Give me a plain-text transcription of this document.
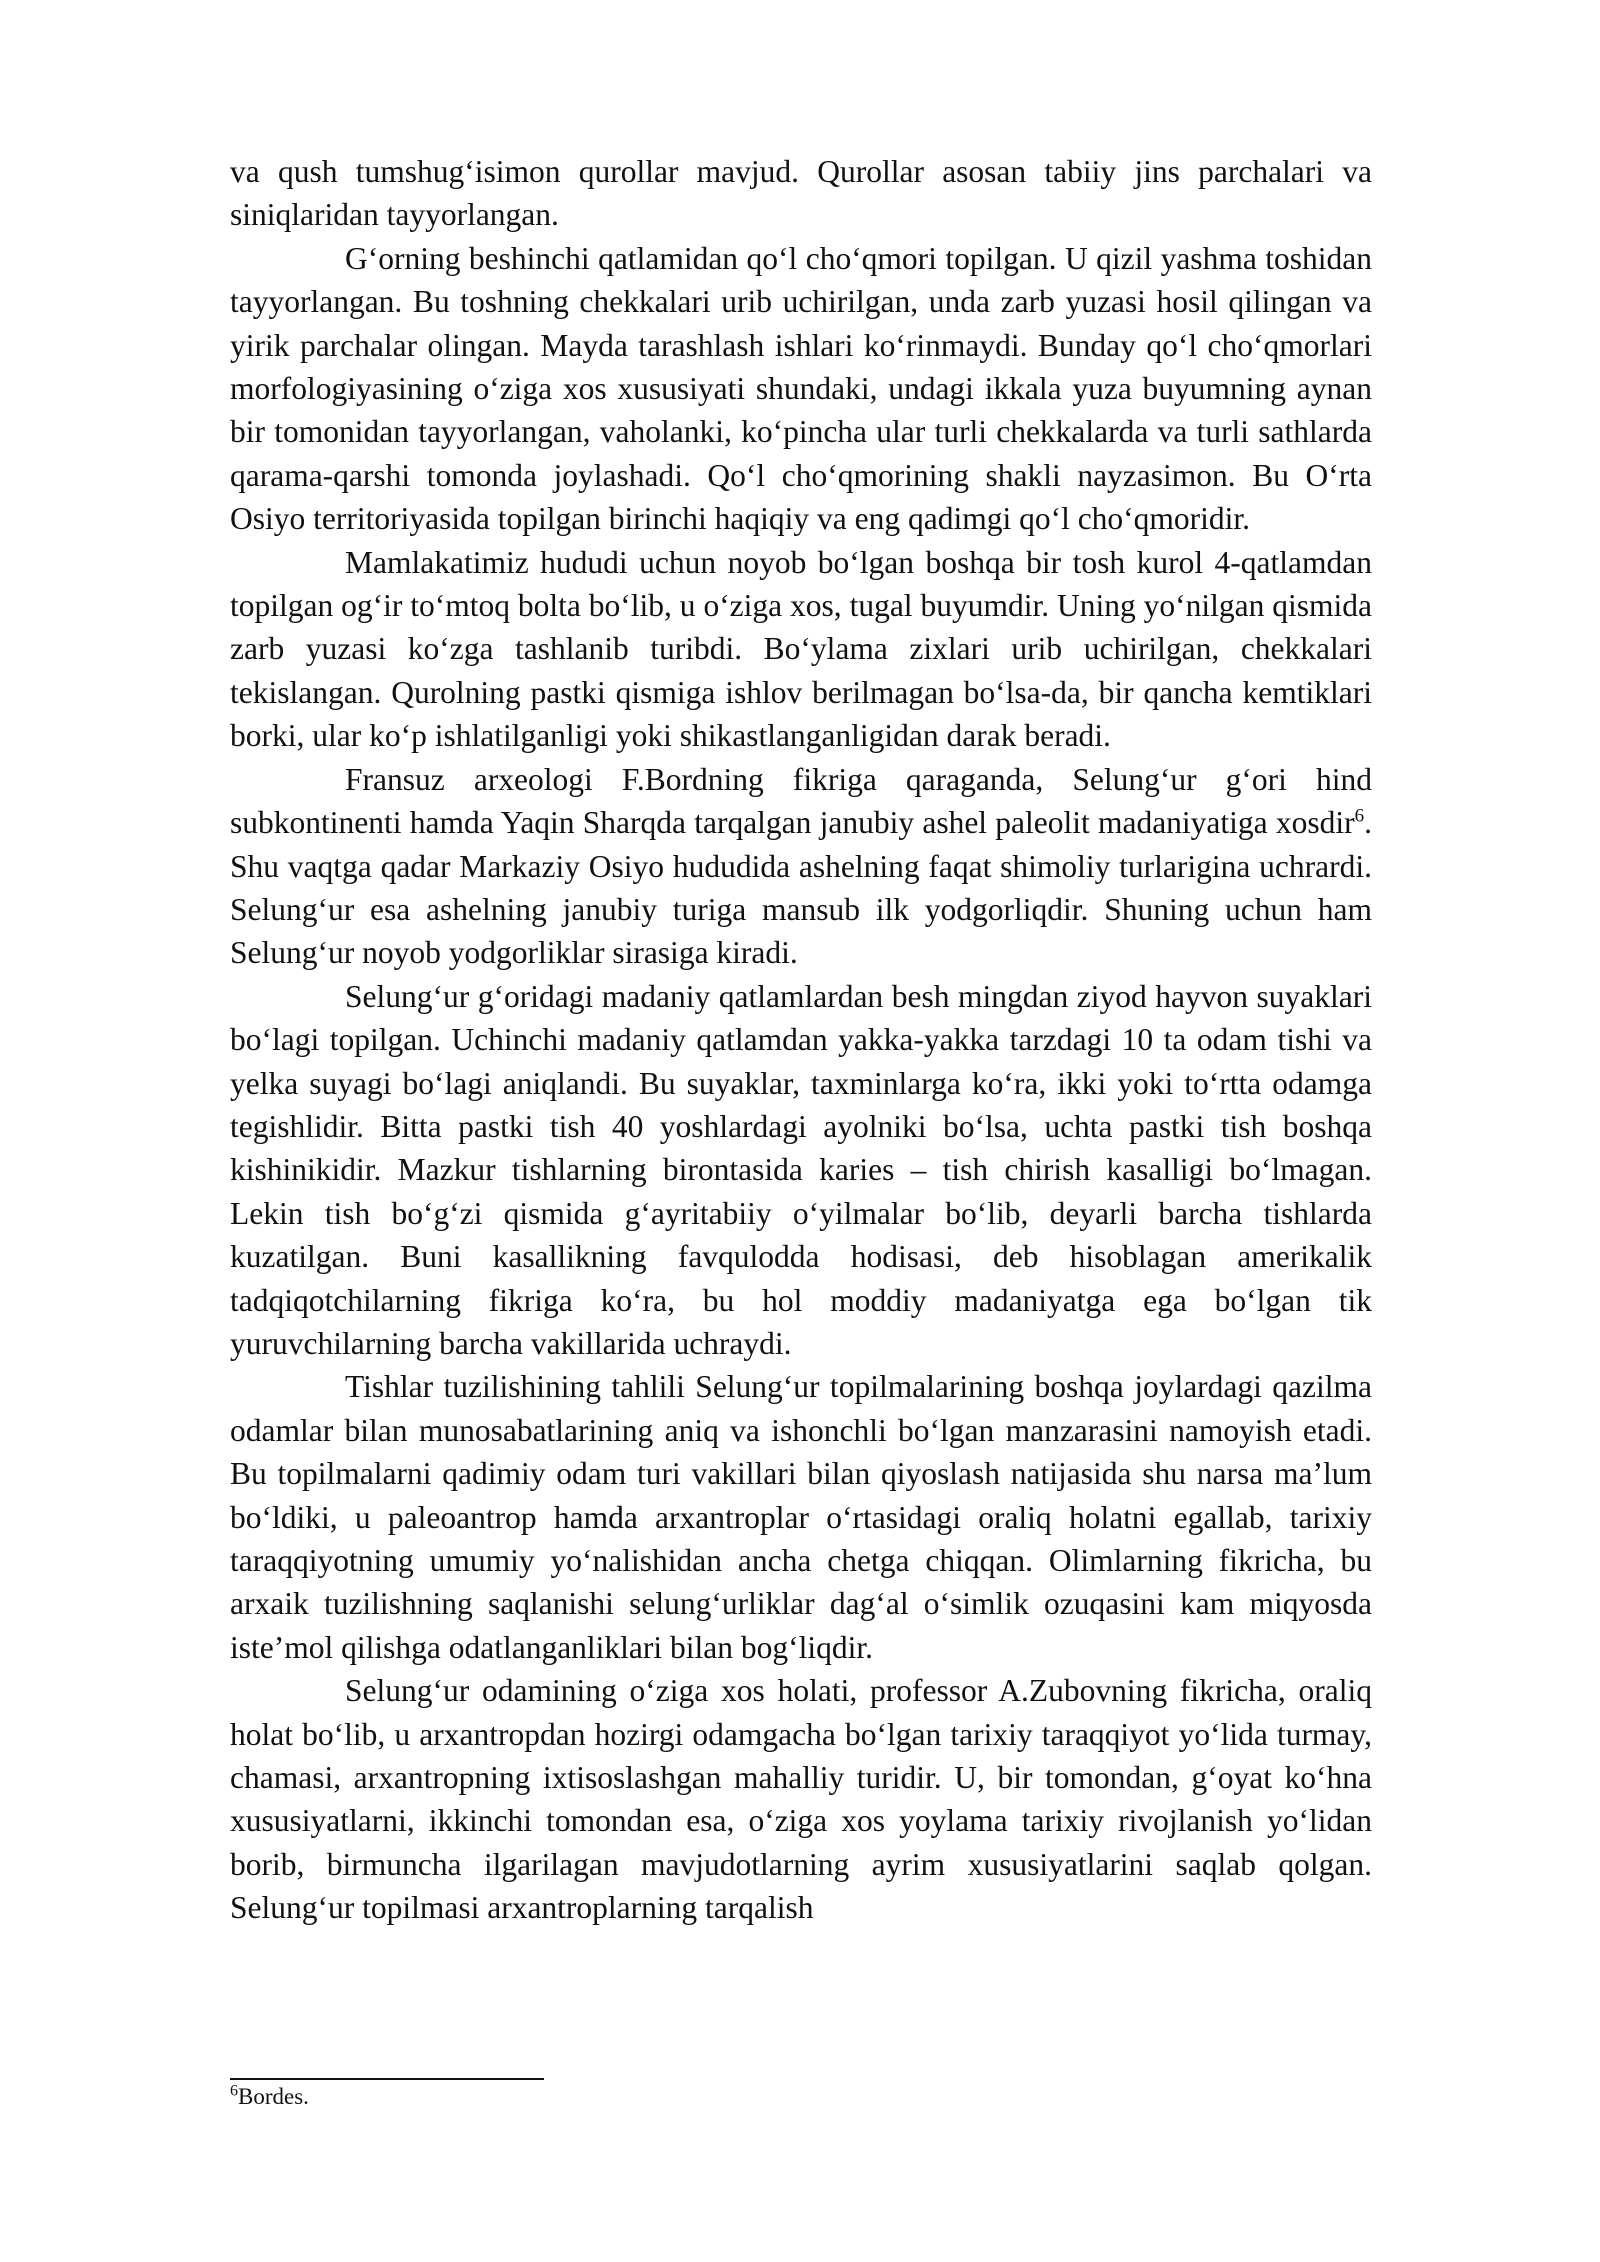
va qush tumshug‘isimon qurollar mavjud. Qurollar asosan tabiiy jins parchalari va siniqlaridan tayyorlangan.

G‘orning beshinchi qatlamidan qo‘l cho‘qmori topilgan. U qizil yashma toshidan tayyorlangan. Bu toshning chekkalari urib uchirilgan, unda zarb yuzasi hosil qilingan va yirik parchalar olingan. Mayda tarashlash ishlari ko‘rinmaydi. Bunday qo‘l cho‘qmorlari morfologiyasining o‘ziga xos xususiyati shundaki, undagi ikkala yuza buyumning aynan bir tomonidan tayyorlangan, vaholanki, ko‘pincha ular turli chekkalarda va turli sathlarda qarama-qarshi tomonda joylashadi. Qo‘l cho‘qmorining shakli nayzasimon. Bu O‘rta Osiyo territoriyasida topilgan birinchi haqiqiy va eng qadimgi qo‘l cho‘qmoridir.

Mamlakatimiz hududi uchun noyob bo‘lgan boshqa bir tosh kurol 4-qatlamdan topilgan og‘ir to‘mtoq bolta bo‘lib, u o‘ziga xos, tugal buyumdir. Uning yo‘nilgan qismida zarb yuzasi ko‘zga tashlanib turibdi. Bo‘ylama zixlari urib uchirilgan, chekkalari tekislangan. Qurolning pastki qismiga ishlov berilmagan bo‘lsa-da, bir qancha kemtiklari borki, ular ko‘p ishlatilganligi yoki shikastlanganligidan darak beradi.

Fransuz arxeologi F.Bordning fikriga qaraganda, Selung‘ur g‘ori hind subkontinenti hamda Yaqin Sharqda tarqalgan janubiy ashel paleolit madaniyatiga xosdir$^6$. Shu vaqtga qadar Markaziy Osiyo hududida ashelning faqat shimoliy turlarigina uchrardi. Selung‘ur esa ashelning janubiy turiga mansub ilk yodgorliqdir. Shuning uchun ham Selung‘ur noyob yodgorliklar sirasiga kiradi.

Selung‘ur g‘oridagi madaniy qatlamlardan besh mingdan ziyod hayvon suyaklari bo‘lagi topilgan. Uchinchi madaniy qatlamdan yakka-yakka tarzdagi 10 ta odam tishi va yelka suyagi bo‘lagi aniqlandi. Bu suyaklar, taxminlarga ko‘ra, ikki yoki to‘rtta odamga tegishlidir. Bitta pastki tish 40 yoshlardagi ayolniki bo‘lsa, uchta pastki tish boshqa kishinikidir. Mazkur tishlarning birontasida karies – tish chirish kasalligi bo‘lmagan. Lekin tish bo‘g‘zi qismida g‘ayritabiiy o‘yilmalar bo‘lib, deyarli barcha tishlarda kuzatilgan. Buni kasallikning favqulodda hodisasi, deb hisoblagan amerikalik tadqiqotchilarning fikriga ko‘ra, bu hol moddiy madaniyatga ega bo‘lgan tik yuruvchilarning barcha vakillarida uchraydi.

Tishlar tuzilishining tahlili Selung‘ur topilmalarining boshqa joylardagi qazilma odamlar bilan munosabatlarining aniq va ishonchli bo‘lgan manzarasini namoyish etadi. Bu topilmalarni qadimiy odam turi vakillari bilan qiyoslash natijasida shu narsa ma’lum bo‘ldiki, u paleoantrop hamda arxantroplar o‘rtasidagi oraliq holatni egallab, tarixiy taraqqiyotning umumiy yo‘nalishidan ancha chetga chiqqan. Olimlarning fikricha, bu arxaik tuzilishning saqlanishi selung‘urliklar dag‘al o‘simlik ozuqasini kam miqyosda iste’mol qilishga odatlanganliklari bilan bog‘liqdir.

Selung‘ur odamining o‘ziga xos holati, professor A.Zubovning fikricha, oraliq holat bo‘lib, u arxantropdan hozirgi odamgacha bo‘lgan tarixiy taraqqiyot yo‘lida turmay, chamasi, arxantropning ixtisoslashgan mahalliy turidir. U, bir tomondan, g‘oyat ko‘hna xususiyatlarni, ikkinchi tomondan esa, o‘ziga xos yoylama tarixiy rivojlanish yo‘lidan borib, birmuncha ilgarilagan mavjudotlarning ayrim xususiyatlarini saqlab qolgan. Selung‘ur topilmasi arxantroplarning tarqalish

$^6$Bordes.
